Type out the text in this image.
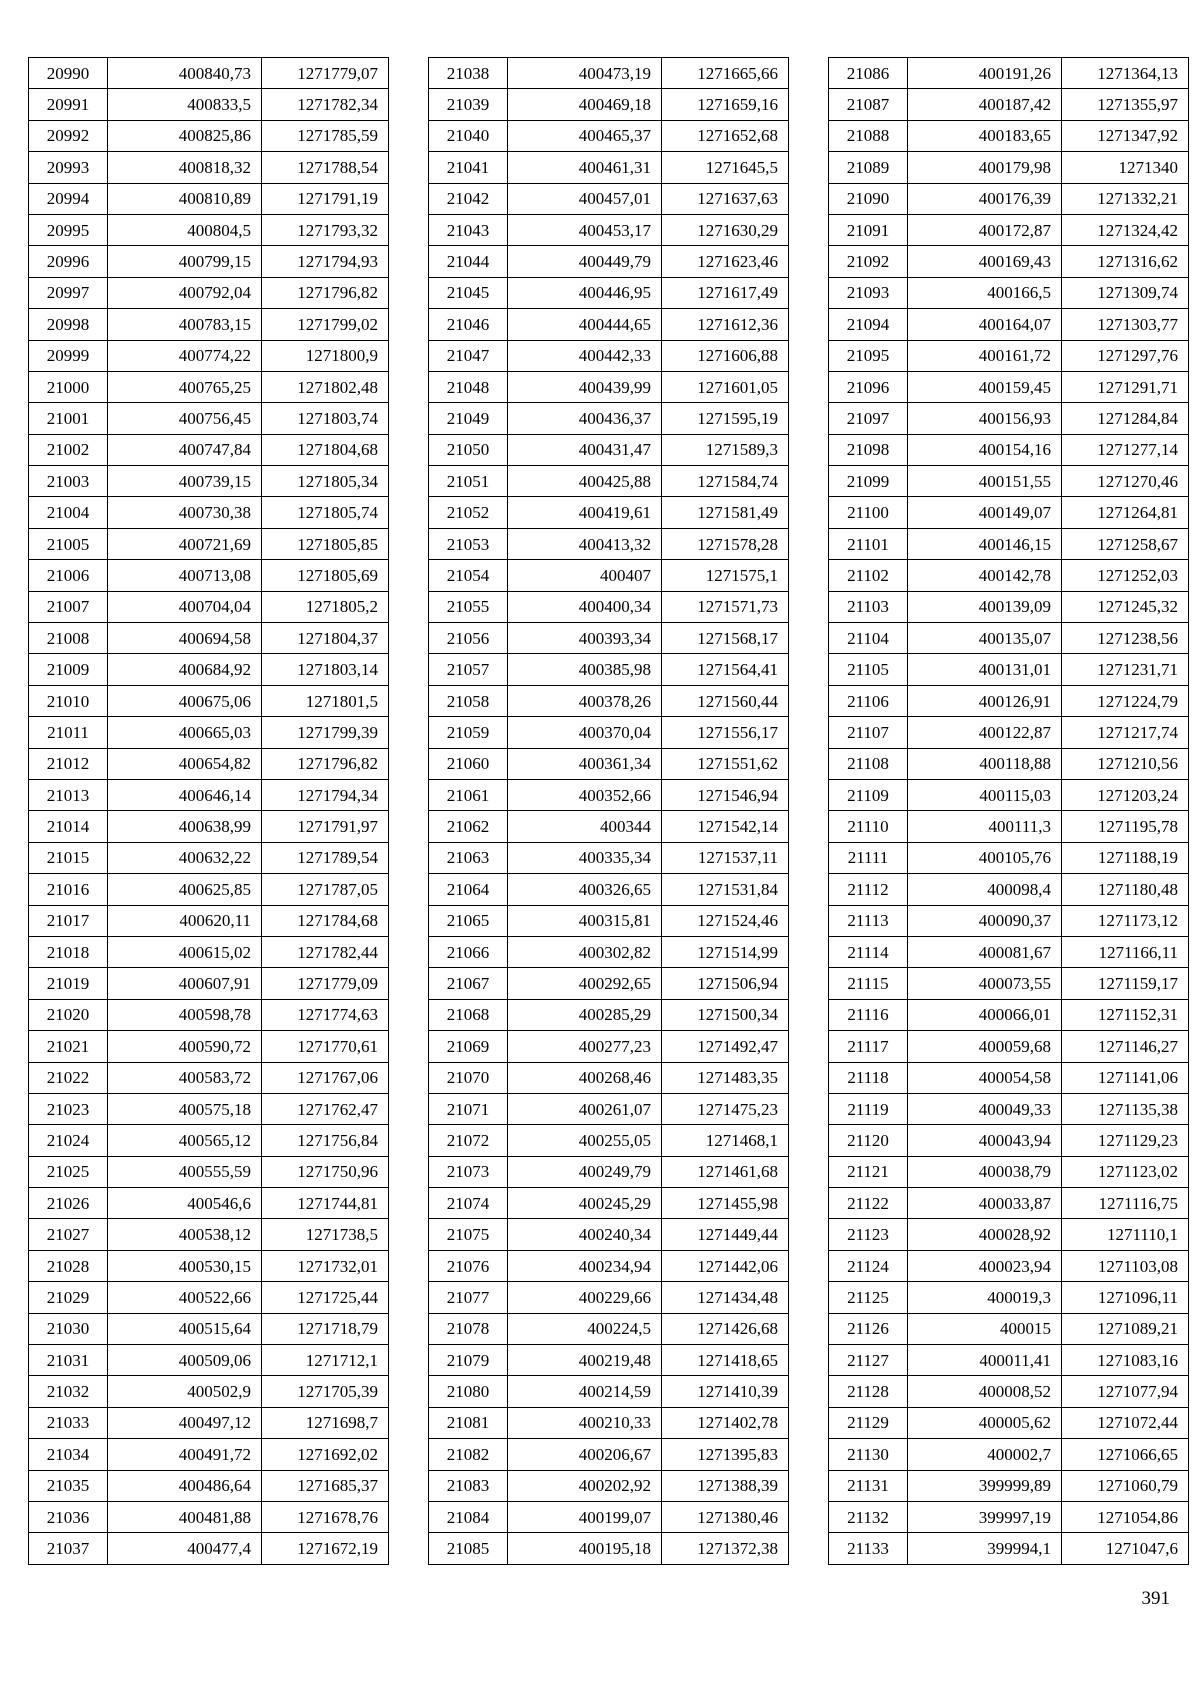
20990	400840,73	1271779,07
20991	400833,5	1271782,34
20992	400825,86	1271785,59
20993	400818,32	1271788,54
20994	400810,89	1271791,19
20995	400804,5	1271793,32
20996	400799,15	1271794,93
20997	400792,04	1271796,82
20998	400783,15	1271799,02
20999	400774,22	1271800,9
21000	400765,25	1271802,48
21001	400756,45	1271803,74
21002	400747,84	1271804,68
21003	400739,15	1271805,34
21004	400730,38	1271805,74
21005	400721,69	1271805,85
21006	400713,08	1271805,69
21007	400704,04	1271805,2
21008	400694,58	1271804,37
21009	400684,92	1271803,14
21010	400675,06	1271801,5
21011	400665,03	1271799,39
21012	400654,82	1271796,82
21013	400646,14	1271794,34
21014	400638,99	1271791,97
21015	400632,22	1271789,54
21016	400625,85	1271787,05
21017	400620,11	1271784,68
21018	400615,02	1271782,44
21019	400607,91	1271779,09
21020	400598,78	1271774,63
21021	400590,72	1271770,61
21022	400583,72	1271767,06
21023	400575,18	1271762,47
21024	400565,12	1271756,84
21025	400555,59	1271750,96
21026	400546,6	1271744,81
21027	400538,12	1271738,5
21028	400530,15	1271732,01
21029	400522,66	1271725,44
21030	400515,64	1271718,79
21031	400509,06	1271712,1
21032	400502,9	1271705,39
21033	400497,12	1271698,7
21034	400491,72	1271692,02
21035	400486,64	1271685,37
21036	400481,88	1271678,76
21037	400477,4	1271672,19
21038	400473,19	1271665,66
21039	400469,18	1271659,16
21040	400465,37	1271652,68
21041	400461,31	1271645,5
21042	400457,01	1271637,63
21043	400453,17	1271630,29
21044	400449,79	1271623,46
21045	400446,95	1271617,49
21046	400444,65	1271612,36
21047	400442,33	1271606,88
21048	400439,99	1271601,05
21049	400436,37	1271595,19
21050	400431,47	1271589,3
21051	400425,88	1271584,74
21052	400419,61	1271581,49
21053	400413,32	1271578,28
21054	400407	1271575,1
21055	400400,34	1271571,73
21056	400393,34	1271568,17
21057	400385,98	1271564,41
21058	400378,26	1271560,44
21059	400370,04	1271556,17
21060	400361,34	1271551,62
21061	400352,66	1271546,94
21062	400344	1271542,14
21063	400335,34	1271537,11
21064	400326,65	1271531,84
21065	400315,81	1271524,46
21066	400302,82	1271514,99
21067	400292,65	1271506,94
21068	400285,29	1271500,34
21069	400277,23	1271492,47
21070	400268,46	1271483,35
21071	400261,07	1271475,23
21072	400255,05	1271468,1
21073	400249,79	1271461,68
21074	400245,29	1271455,98
21075	400240,34	1271449,44
21076	400234,94	1271442,06
21077	400229,66	1271434,48
21078	400224,5	1271426,68
21079	400219,48	1271418,65
21080	400214,59	1271410,39
21081	400210,33	1271402,78
21082	400206,67	1271395,83
21083	400202,92	1271388,39
21084	400199,07	1271380,46
21085	400195,18	1271372,38
21086	400191,26	1271364,13
21087	400187,42	1271355,97
21088	400183,65	1271347,92
21089	400179,98	1271340
21090	400176,39	1271332,21
21091	400172,87	1271324,42
21092	400169,43	1271316,62
21093	400166,5	1271309,74
21094	400164,07	1271303,77
21095	400161,72	1271297,76
21096	400159,45	1271291,71
21097	400156,93	1271284,84
21098	400154,16	1271277,14
21099	400151,55	1271270,46
21100	400149,07	1271264,81
21101	400146,15	1271258,67
21102	400142,78	1271252,03
21103	400139,09	1271245,32
21104	400135,07	1271238,56
21105	400131,01	1271231,71
21106	400126,91	1271224,79
21107	400122,87	1271217,74
21108	400118,88	1271210,56
21109	400115,03	1271203,24
21110	400111,3	1271195,78
21111	400105,76	1271188,19
21112	400098,4	1271180,48
21113	400090,37	1271173,12
21114	400081,67	1271166,11
21115	400073,55	1271159,17
21116	400066,01	1271152,31
21117	400059,68	1271146,27
21118	400054,58	1271141,06
21119	400049,33	1271135,38
21120	400043,94	1271129,23
21121	400038,79	1271123,02
21122	400033,87	1271116,75
21123	400028,92	1271110,1
21124	400023,94	1271103,08
21125	400019,3	1271096,11
21126	400015	1271089,21
21127	400011,41	1271083,16
21128	400008,52	1271077,94
21129	400005,62	1271072,44
21130	400002,7	1271066,65
21131	399999,89	1271060,79
21132	399997,19	1271054,86
21133	399994,1	1271047,6
391
